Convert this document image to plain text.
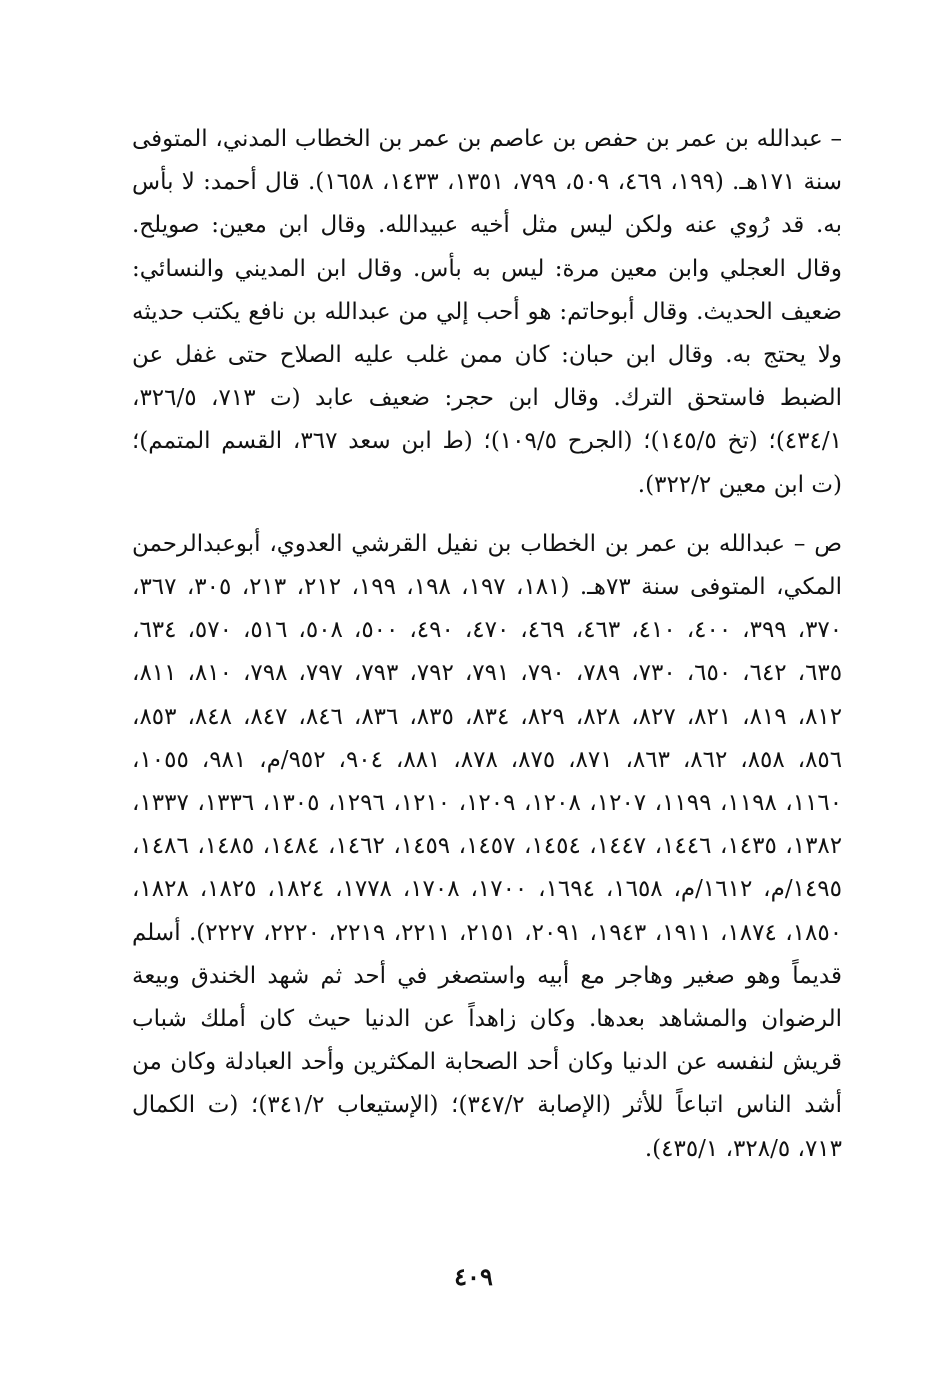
– عبدالله بن عمر بن حفص بن عاصم بن عمر بن الخطاب المدني، المتوفى سنة ١٧١هـ. (١٩٩، ٤٦٩، ٥٠٩، ٧٩٩، ١٣٥١، ١٤٣٣، ١٦٥٨). قال أحمد: لا بأس به. قد رُوي عنه ولكن ليس مثل أخيه عبيدالله. وقال ابن معين: صويلح. وقال العجلي وابن معين مرة: ليس به بأس. وقال ابن المديني والنسائي: ضعيف الحديث. وقال أبوحاتم: هو أحب إلي من عبدالله بن نافع يكتب حديثه ولا يحتج به. وقال ابن حبان: كان ممن غلب عليه الصلاح حتى غفل عن الضبط فاستحق الترك. وقال ابن حجر: ضعيف عابد (ت ٧١٣، ٣٢٦/٥، ٤٣٤/١)؛ (تخ ١٤٥/٥)؛ (الجرح ١٠٩/٥)؛ (ط ابن سعد ٣٦٧، القسم المتمم)؛ (ت ابن معين ٣٢٢/٢).

ص – عبدالله بن عمر بن الخطاب بن نفيل القرشي العدوي، أبوعبدالرحمن المكي، المتوفى سنة ٧٣هـ. (١٨١، ١٩٧، ١٩٨، ١٩٩، ٢١٢، ٢١٣، ٣٠٥، ٣٦٧، ٣٧٠، ٣٩٩، ٤٠٠، ٤١٠، ٤٦٣، ٤٦٩، ٤٧٠، ٤٩٠، ٥٠٠، ٥٠٨، ٥١٦، ٥٧٠، ٦٣٤، ٦٣٥، ٦٤٢، ٦٥٠، ٧٣٠، ٧٨٩، ٧٩٠، ٧٩١، ٧٩٢، ٧٩٣، ٧٩٧، ٧٩٨، ٨١٠، ٨١١، ٨١٢، ٨١٩، ٨٢١، ٨٢٧، ٨٢٨، ٨٢٩، ٨٣٤، ٨٣٥، ٨٣٦، ٨٤٦، ٨٤٧، ٨٤٨، ٨٥٣، ٨٥٦، ٨٥٨، ٨٦٢، ٨٦٣، ٨٧١، ٨٧٥، ٨٧٨، ٨٨١، ٩٠٤، ٩٥٢/م، ٩٨١، ١٠٥٥، ١١٦٠، ١١٩٨، ١١٩٩، ١٢٠٧، ١٢٠٨، ١٢٠٩، ١٢١٠، ١٢٩٦، ١٣٠٥، ١٣٣٦، ١٣٣٧، ١٣٨٢، ١٤٣٥، ١٤٤٦، ١٤٤٧، ١٤٥٤، ١٤٥٧، ١٤٥٩، ١٤٦٢، ١٤٨٤، ١٤٨٥، ١٤٨٦، ١٤٩٥/م، ١٦١٢/م، ١٦٥٨، ١٦٩٤، ١٧٠٠، ١٧٠٨، ١٧٧٨، ١٨٢٤، ١٨٢٥، ١٨٢٨، ١٨٥٠، ١٨٧٤، ١٩١١، ١٩٤٣، ٢٠٩١، ٢١٥١، ٢٢١١، ٢٢١٩، ٢٢٢٠، ٢٢٢٧). أسلم قديماً وهو صغير وهاجر مع أبيه واستصغر في أحد ثم شهد الخندق وبيعة الرضوان والمشاهد بعدها. وكان زاهداً عن الدنيا حيث كان أملك شباب قريش لنفسه عن الدنيا وكان أحد الصحابة المكثرين وأحد العبادلة وكان من أشد الناس اتباعاً للأثر (الإصابة ٣٤٧/٢)؛ (الإستيعاب ٣٤١/٢)؛ (ت الكمال ٧١٣، ٣٢٨/٥، ٤٣٥/١).

٤٠٩
